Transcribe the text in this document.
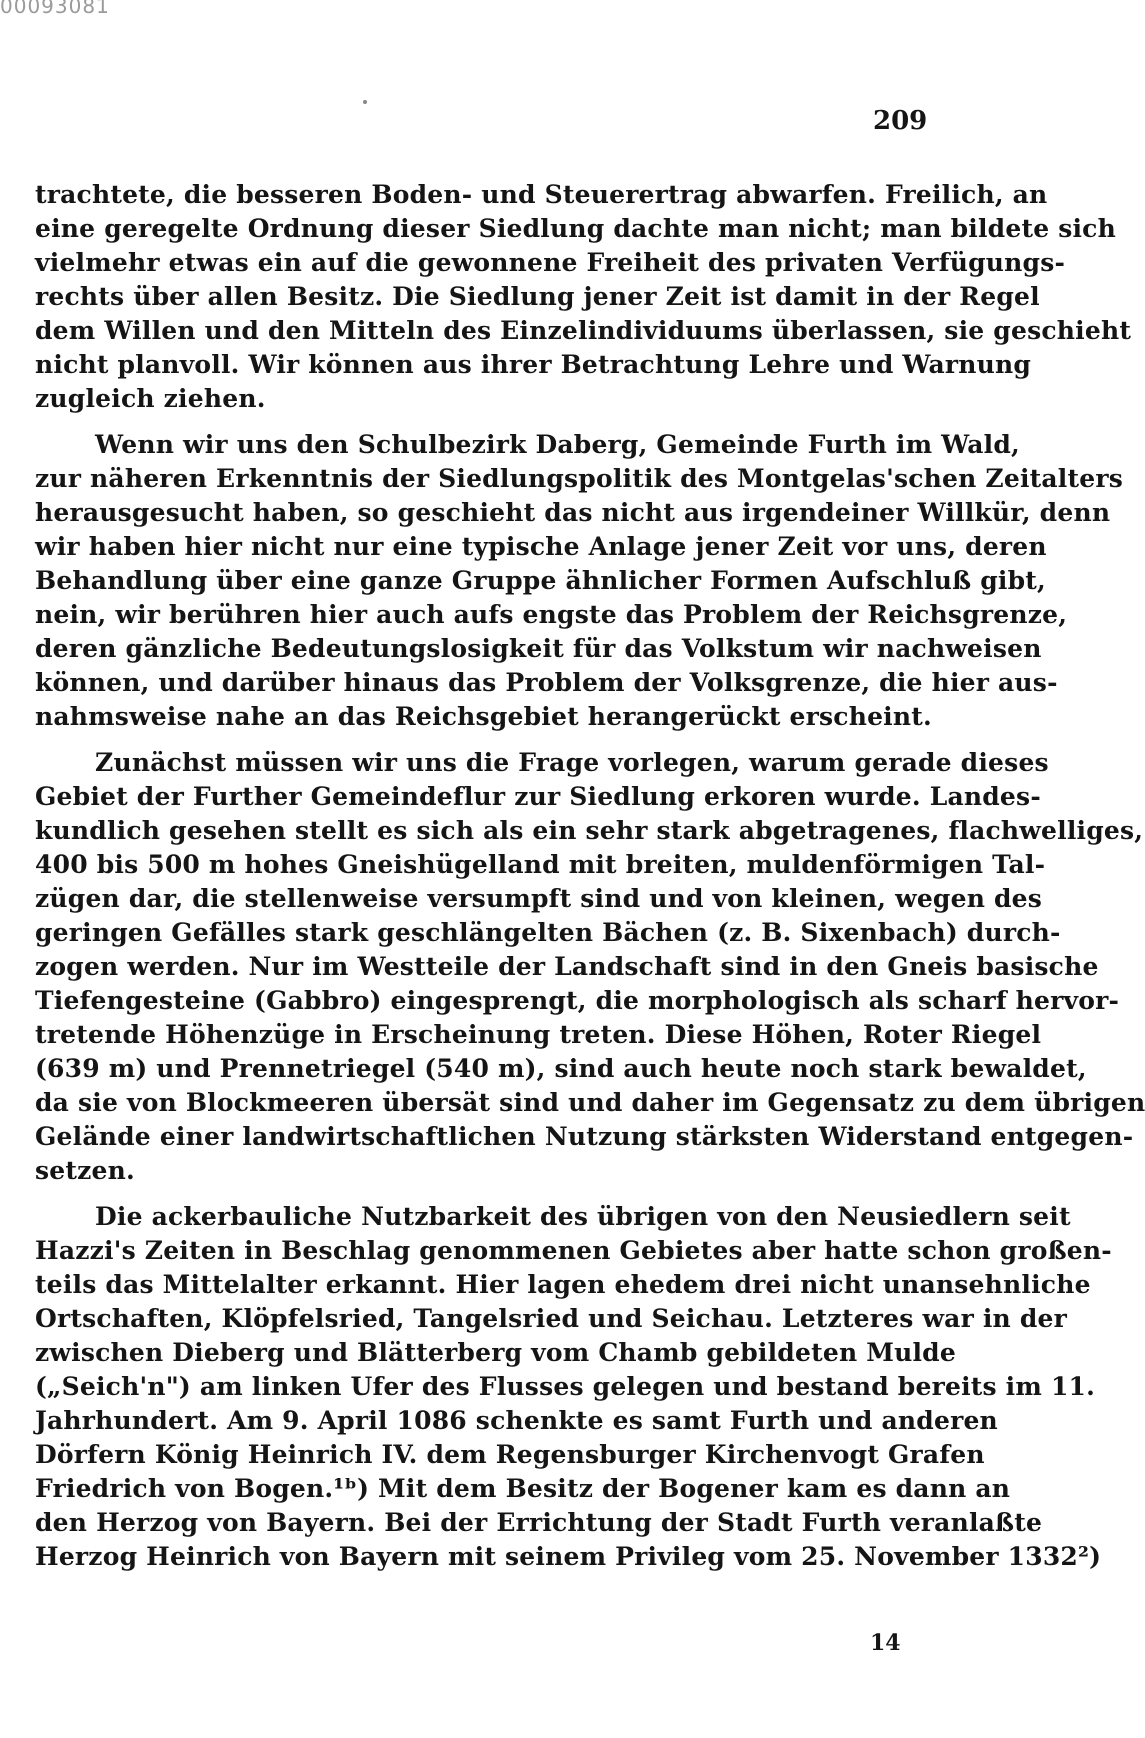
00093081
209
trachtete, die besseren Boden- und Steuerertrag abwarfen. Freilich, an
eine geregelte Ordnung dieser Siedlung dachte man nicht; man bildete sich
vielmehr etwas ein auf die gewonnene Freiheit des privaten Verfügungs-
rechts über allen Besitz. Die Siedlung jener Zeit ist damit in der Regel
dem Willen und den Mitteln des Einzelindividuums überlassen, sie geschieht
nicht planvoll. Wir können aus ihrer Betrachtung Lehre und Warnung
zugleich ziehen.
Wenn wir uns den Schulbezirk Daberg, Gemeinde Furth im Wald,
zur näheren Erkenntnis der Siedlungspolitik des Montgelas'schen Zeitalters
herausgesucht haben, so geschieht das nicht aus irgendeiner Willkür, denn
wir haben hier nicht nur eine typische Anlage jener Zeit vor uns, deren
Behandlung über eine ganze Gruppe ähnlicher Formen Aufschluß gibt,
nein, wir berühren hier auch aufs engste das Problem der Reichsgrenze,
deren gänzliche Bedeutungslosigkeit für das Volkstum wir nachweisen
können, und darüber hinaus das Problem der Volksgrenze, die hier aus-
nahmsweise nahe an das Reichsgebiet herangerückt erscheint.
Zunächst müssen wir uns die Frage vorlegen, warum gerade dieses
Gebiet der Further Gemeindeflur zur Siedlung erkoren wurde. Landes-
kundlich gesehen stellt es sich als ein sehr stark abgetragenes, flachwelliges,
400 bis 500 m hohes Gneishügelland mit breiten, muldenförmigen Tal-
zügen dar, die stellenweise versumpft sind und von kleinen, wegen des
geringen Gefälles stark geschlängelten Bächen (z. B. Sixenbach) durch-
zogen werden. Nur im Westteile der Landschaft sind in den Gneis basische
Tiefengesteine (Gabbro) eingesprengt, die morphologisch als scharf hervor-
tretende Höhenzüge in Erscheinung treten. Diese Höhen, Roter Riegel
(639 m) und Prennetriegel (540 m), sind auch heute noch stark bewaldet,
da sie von Blockmeeren übersät sind und daher im Gegensatz zu dem übrigen
Gelände einer landwirtschaftlichen Nutzung stärksten Widerstand entgegen-
setzen.
Die ackerbauliche Nutzbarkeit des übrigen von den Neusiedlern seit
Hazzi's Zeiten in Beschlag genommenen Gebietes aber hatte schon großen-
teils das Mittelalter erkannt. Hier lagen ehedem drei nicht unansehnliche
Ortschaften, Klöpfelsried, Tangelsried und Seichau. Letzteres war in der
zwischen Dieberg und Blätterberg vom Chamb gebildeten Mulde
(„Seich'n") am linken Ufer des Flusses gelegen und bestand bereits im 11.
Jahrhundert. Am 9. April 1086 schenkte es samt Furth und anderen
Dörfern König Heinrich IV. dem Regensburger Kirchenvogt Grafen
Friedrich von Bogen.¹ᵇ) Mit dem Besitz der Bogener kam es dann an
den Herzog von Bayern. Bei der Errichtung der Stadt Furth veranlaßte
Herzog Heinrich von Bayern mit seinem Privileg vom 25. November 1332²)
14
